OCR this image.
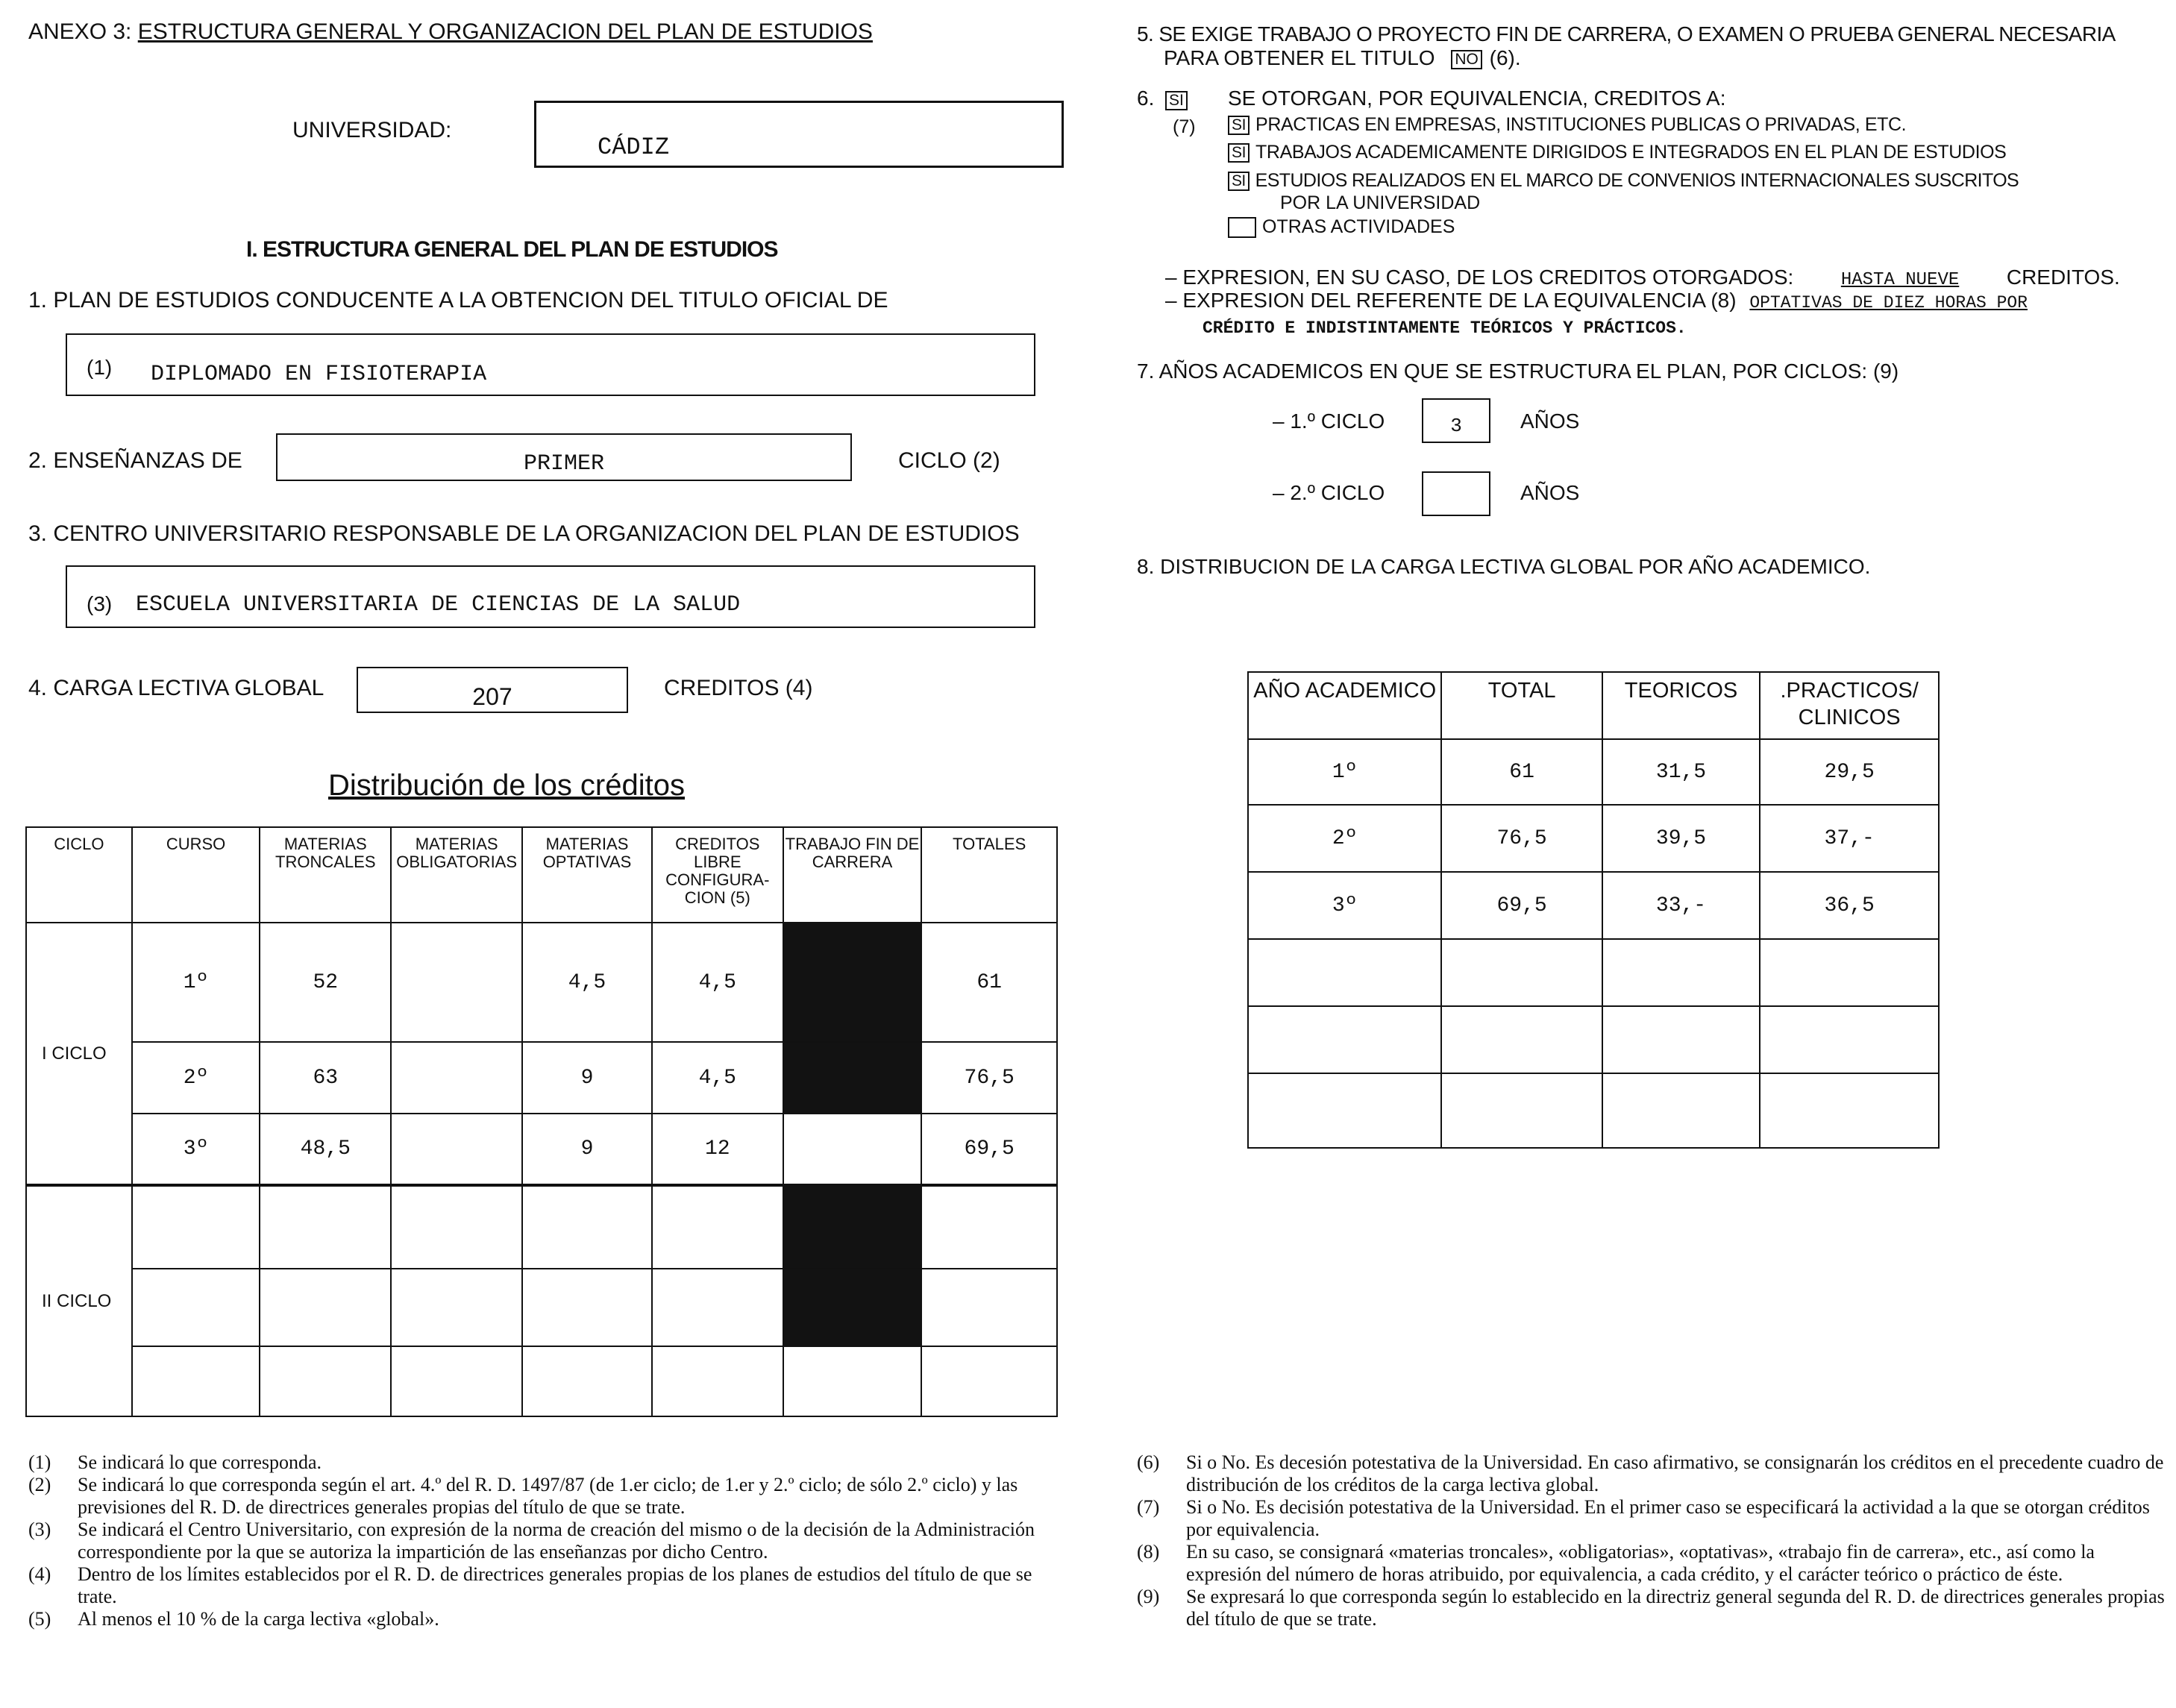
ANEXO 3: ESTRUCTURA GENERAL Y ORGANIZACION DEL PLAN DE ESTUDIOS
UNIVERSIDAD:
CÁDIZ
I. ESTRUCTURA GENERAL DEL PLAN DE ESTUDIOS
1. PLAN DE ESTUDIOS CONDUCENTE A LA OBTENCION DEL TITULO OFICIAL DE
(1) DIPLOMADO EN FISIOTERAPIA
2. ENSEÑANZAS DE	PRIMER	CICLO (2)
3. CENTRO UNIVERSITARIO RESPONSABLE DE LA ORGANIZACION DEL PLAN DE ESTUDIOS
(3) ESCUELA UNIVERSITARIA DE CIENCIAS DE LA SALUD
4. CARGA LECTIVA GLOBAL	207	CREDITOS (4)
Distribución de los créditos
CICLO	CURSO	MATERIAS TRONCALES	MATERIAS OBLIGATORIAS	MATERIAS OPTATIVAS	CREDITOS LIBRE CONFIGURA-CION (5)	TRABAJO FIN DE CARRERA	TOTALES
I CICLO	1º	52		4,5	4,5		61
	2º	63		9	4,5		76,5
	3º	48,5		9	12		69,5
II CICLO							

5. SE EXIGE TRABAJO O PROYECTO FIN DE CARRERA, O EXAMEN O PRUEBA GENERAL NECESARIA
PARA OBTENER EL TITULO NO (6).
6. SI
(7)
SE OTORGAN, POR EQUIVALENCIA, CREDITOS A:
SI PRACTICAS EN EMPRESAS, INSTITUCIONES PUBLICAS O PRIVADAS, ETC.
SI TRABAJOS ACADEMICAMENTE DIRIGIDOS E INTEGRADOS EN EL PLAN DE ESTUDIOS
SI ESTUDIOS REALIZADOS EN EL MARCO DE CONVENIOS INTERNACIONALES SUSCRITOS
POR LA UNIVERSIDAD
OTRAS ACTIVIDADES
– EXPRESION, EN SU CASO, DE LOS CREDITOS OTORGADOS:	HASTA NUEVE CREDITOS.
– EXPRESION DEL REFERENTE DE LA EQUIVALENCIA (8) OPTATIVAS DE DIEZ HORAS POR
CRÉDITO E INDISTINTAMENTE TEÓRICOS Y PRÁCTICOS.
7. AÑOS ACADEMICOS EN QUE SE ESTRUCTURA EL PLAN, POR CICLOS: (9)
– 1.º CICLO	3	AÑOS
– 2.º CICLO	AÑOS
8. DISTRIBUCION DE LA CARGA LECTIVA GLOBAL POR AÑO ACADEMICO.
AÑO ACADEMICO	TOTAL	TEORICOS	.PRACTICOS/ CLINICOS
1º	61	31,5	29,5
2º	76,5	39,5	37,-
3º	69,5	33,-	36,5

(1)	Se indicará lo que corresponda.
(2)	Se indicará lo que corresponda según el art. 4.º del R. D. 1497/87 (de 1.er ciclo; de 1.er y 2.º ciclo; de sólo 2.º ciclo) y las previsiones del R. D. de directrices generales propias del título de que se trate.
(3)	Se indicará el Centro Universitario, con expresión de la norma de creación del mismo o de la decisión de la Administración correspondiente por la que se autoriza la impartición de las enseñanzas por dicho Centro.
(4)	Dentro de los límites establecidos por el R. D. de directrices generales propias de los planes de estudios del título de que se trate.
(5)	Al menos el 10 % de la carga lectiva «global».
(6)	Si o No. Es decesión potestativa de la Universidad. En caso afirmativo, se consignarán los créditos en el precedente cuadro de distribución de los créditos de la carga lectiva global.
(7)	Si o No. Es decisión potestativa de la Universidad. En el primer caso se especificará la actividad a la que se otorgan créditos por equivalencia.
(8)	En su caso, se consignará «materias troncales», «obligatorias», «optativas», «trabajo fin de carrera», etc., así como la expresión del número de horas atribuido, por equivalencia, a cada crédito, y el carácter teórico o práctico de éste.
(9)	Se expresará lo que corresponda según lo establecido en la directriz general segunda del R. D. de directrices generales propias del título de que se trate.
